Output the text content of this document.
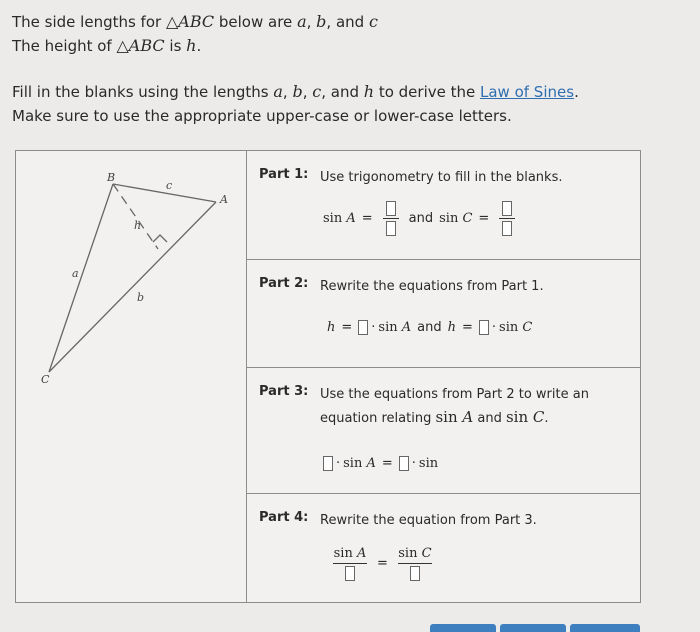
The side lengths for △ABC below are a, b, and c
The height of △ABC is h.
Fill in the blanks using the lengths a, b, c, and h to derive the Law of Sines.
Make sure to use the appropriate upper-case or lower-case letters.
B
c
A
h
a
b
C
Part 1: Use trigonometry to fill in the blanks.
sin A =	and sin C =
Part 2: Rewrite the equations from Part 1.
h = · sin A and h = · sin C
Part 3: Use the equations from Part 2 to write an equation relating sin A and sin C.
· sin A = · sin
Part 4: Rewrite the equation from Part 3.
sin
A
=
sin
C
